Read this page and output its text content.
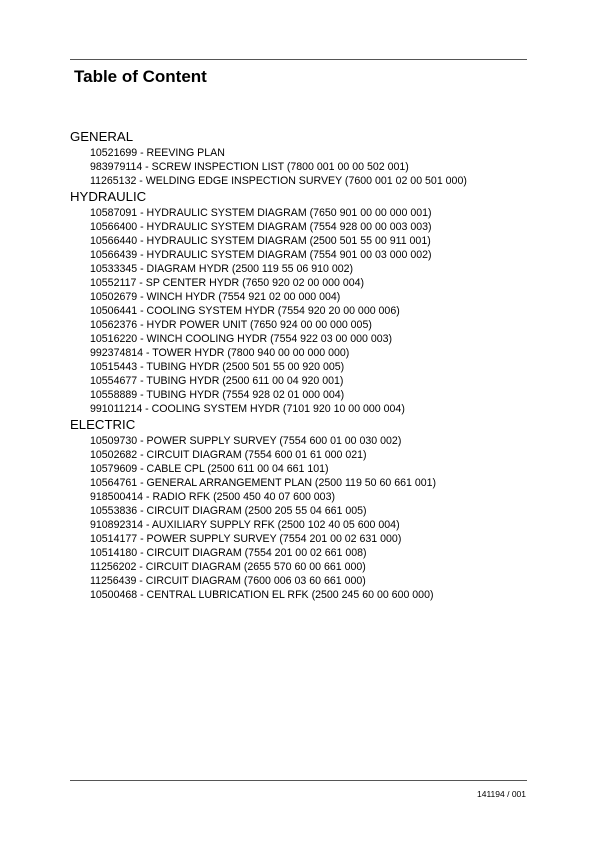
Table of Content
GENERAL
10521699 - REEVING PLAN
983979114 - SCREW INSPECTION LIST (7800 001 00 00 502 001)
11265132 - WELDING EDGE INSPECTION SURVEY (7600 001 02 00 501 000)
HYDRAULIC
10587091 - HYDRAULIC SYSTEM DIAGRAM (7650 901 00 00 000 001)
10566400 - HYDRAULIC SYSTEM DIAGRAM (7554 928 00 00 003 003)
10566440 - HYDRAULIC SYSTEM DIAGRAM (2500 501 55 00 911 001)
10566439 - HYDRAULIC SYSTEM DIAGRAM (7554 901 00 03 000 002)
10533345 - DIAGRAM HYDR (2500 119 55 06 910 002)
10552117 - SP CENTER HYDR (7650 920 02 00 000 004)
10502679 - WINCH HYDR (7554 921 02 00 000 004)
10506441 - COOLING SYSTEM HYDR (7554 920 20 00 000 006)
10562376 - HYDR POWER UNIT (7650 924 00 00 000 005)
10516220 - WINCH COOLING HYDR (7554 922 03 00 000 003)
992374814 - TOWER HYDR (7800 940 00 00 000 000)
10515443 - TUBING HYDR (2500 501 55 00 920 005)
10554677 - TUBING HYDR (2500 611 00 04 920 001)
10558889 - TUBING HYDR (7554 928 02 01 000 004)
991011214 - COOLING SYSTEM HYDR (7101 920 10 00 000 004)
ELECTRIC
10509730 - POWER SUPPLY SURVEY (7554 600 01 00 030 002)
10502682 - CIRCUIT DIAGRAM (7554 600 01 61 000 021)
10579609 - CABLE CPL (2500 611 00 04 661 101)
10564761 - GENERAL ARRANGEMENT PLAN (2500 119 50 60 661 001)
918500414 - RADIO RFK (2500 450 40 07 600 003)
10553836 - CIRCUIT DIAGRAM (2500 205 55 04 661 005)
910892314 - AUXILIARY SUPPLY RFK (2500 102 40 05 600 004)
10514177 - POWER SUPPLY SURVEY (7554 201 00 02 631 000)
10514180 - CIRCUIT DIAGRAM (7554 201 00 02 661 008)
11256202 - CIRCUIT DIAGRAM (2655 570 60 00 661 000)
11256439 - CIRCUIT DIAGRAM (7600 006 03 60 661 000)
10500468 - CENTRAL LUBRICATION EL RFK (2500 245 60 00 600 000)
141194 / 001
